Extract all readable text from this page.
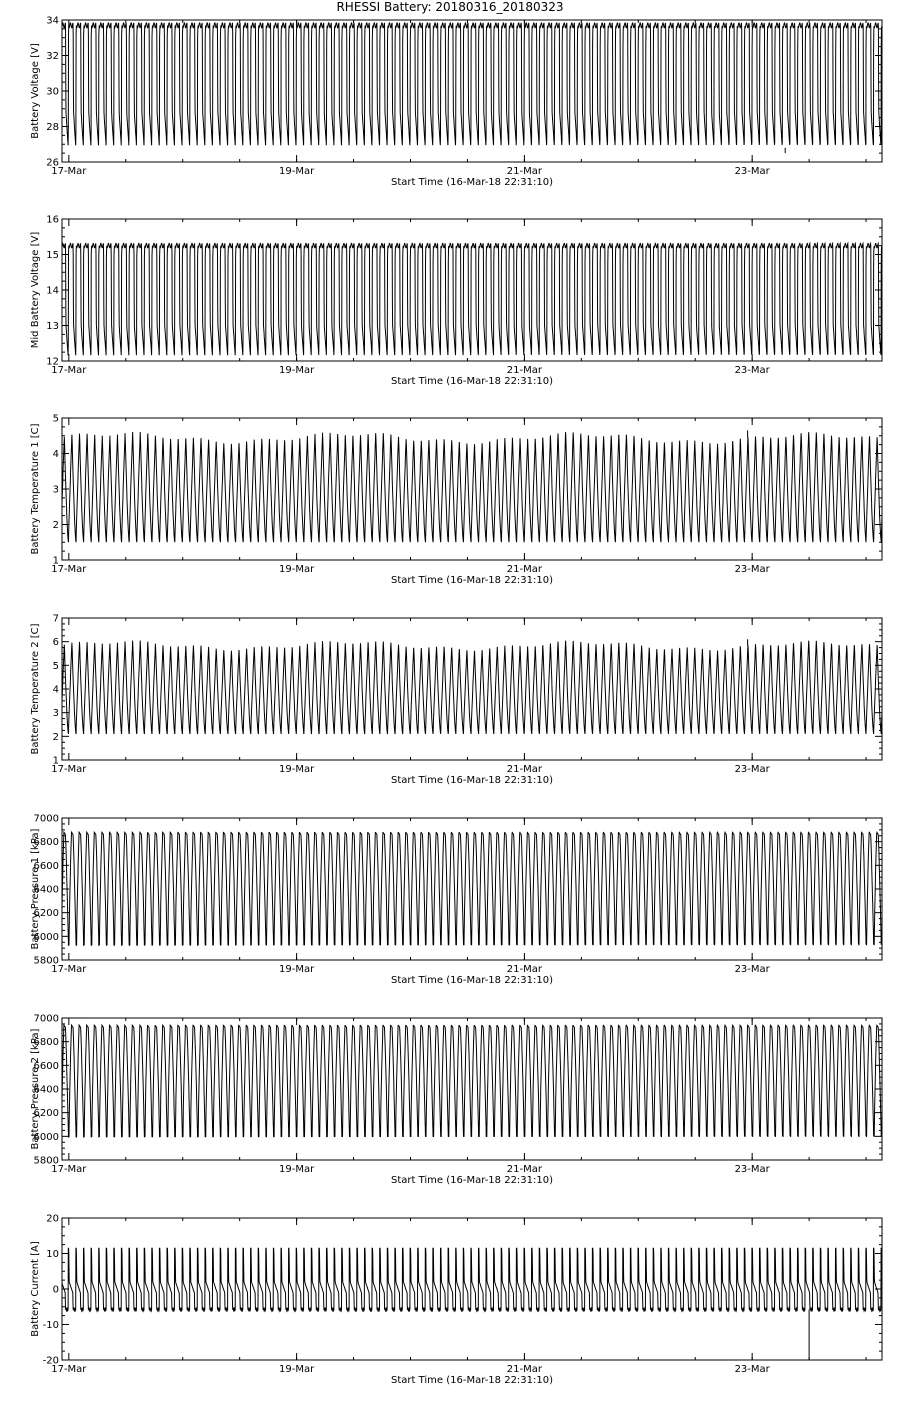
RHESSI Battery: 20180316_20180323
26
28
30
32
34
17-Mar	19-Mar	21-Mar	23-Mar
Start Time (16-Mar-18 22:31:10)
Battery Voltage [V]
12
13
14
15
16
17-Mar	19-Mar	21-Mar	23-Mar
Start Time (16-Mar-18 22:31:10)
Mid Battery Voltage [V]
1
2
3
4
5
17-Mar	19-Mar	21-Mar	23-Mar
Start Time (16-Mar-18 22:31:10)
Battery Temperature 1 [C]
1
2
3
4
5
6
7
17-Mar	19-Mar	21-Mar	23-Mar
Start Time (16-Mar-18 22:31:10)
Battery Temperature 2 [C]
5800
6000
6200
6400
6600
6800
7000
17-Mar	19-Mar	21-Mar	23-Mar
Start Time (16-Mar-18 22:31:10)
Battery Pressure 1 [kPa]
5800
6000
6200
6400
6600
6800
7000
17-Mar	19-Mar	21-Mar	23-Mar
Start Time (16-Mar-18 22:31:10)
Battery Pressure 2 [kPa]
-20
-10
0
10
20
17-Mar	19-Mar	21-Mar	23-Mar
Start Time (16-Mar-18 22:31:10)
Battery Current [A]
